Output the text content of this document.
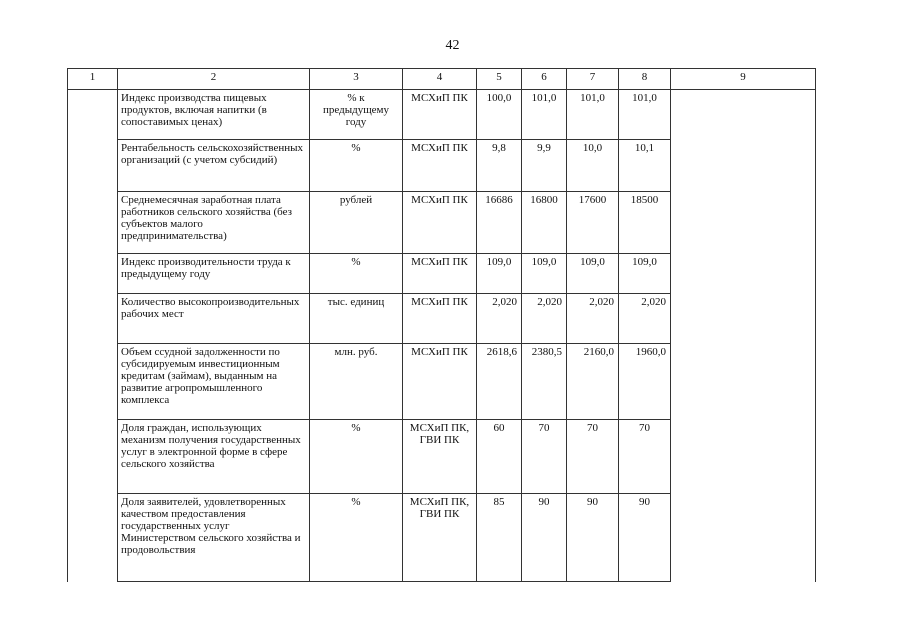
42
1	2	3	4	5	6	7	8	9
	Индекс производства пищевых продуктов, включая напитки (в сопоставимых ценах)	% к предыдущему году	МСХиП ПК	100,0	101,0	101,0	101,0	
	Рентабельность сельскохозяйственных организаций (с учетом субсидий)	%	МСХиП ПК	9,8	9,9	10,0	10,1	
	Среднемесячная заработная плата работников сельского хозяйства (без субъектов малого предпринимательства)	рублей	МСХиП ПК	16686	16800	17600	18500	
	Индекс производительности труда к предыдущему году	%	МСХиП ПК	109,0	109,0	109,0	109,0	
	Количество высокопроизводительных рабочих мест	тыс. единиц	МСХиП ПК	2,020	2,020	2,020	2,020	
	Объем ссудной задолженности по субсидируемым инвестиционным кредитам (займам), выданным на развитие агропромышленного комплекса	млн. руб.	МСХиП ПК	2618,6	2380,5	2160,0	1960,0	
	Доля граждан, использующих механизм получения государственных услуг в электронной форме в сфере сельского хозяйства	%	МСХиП ПК, ГВИ ПК	60	70	70	70	
	Доля заявителей, удовлетворенных качеством предоставления государственных услуг Министерством сельского хозяйства и продовольствия	%	МСХиП ПК, ГВИ ПК	85	90	90	90	
